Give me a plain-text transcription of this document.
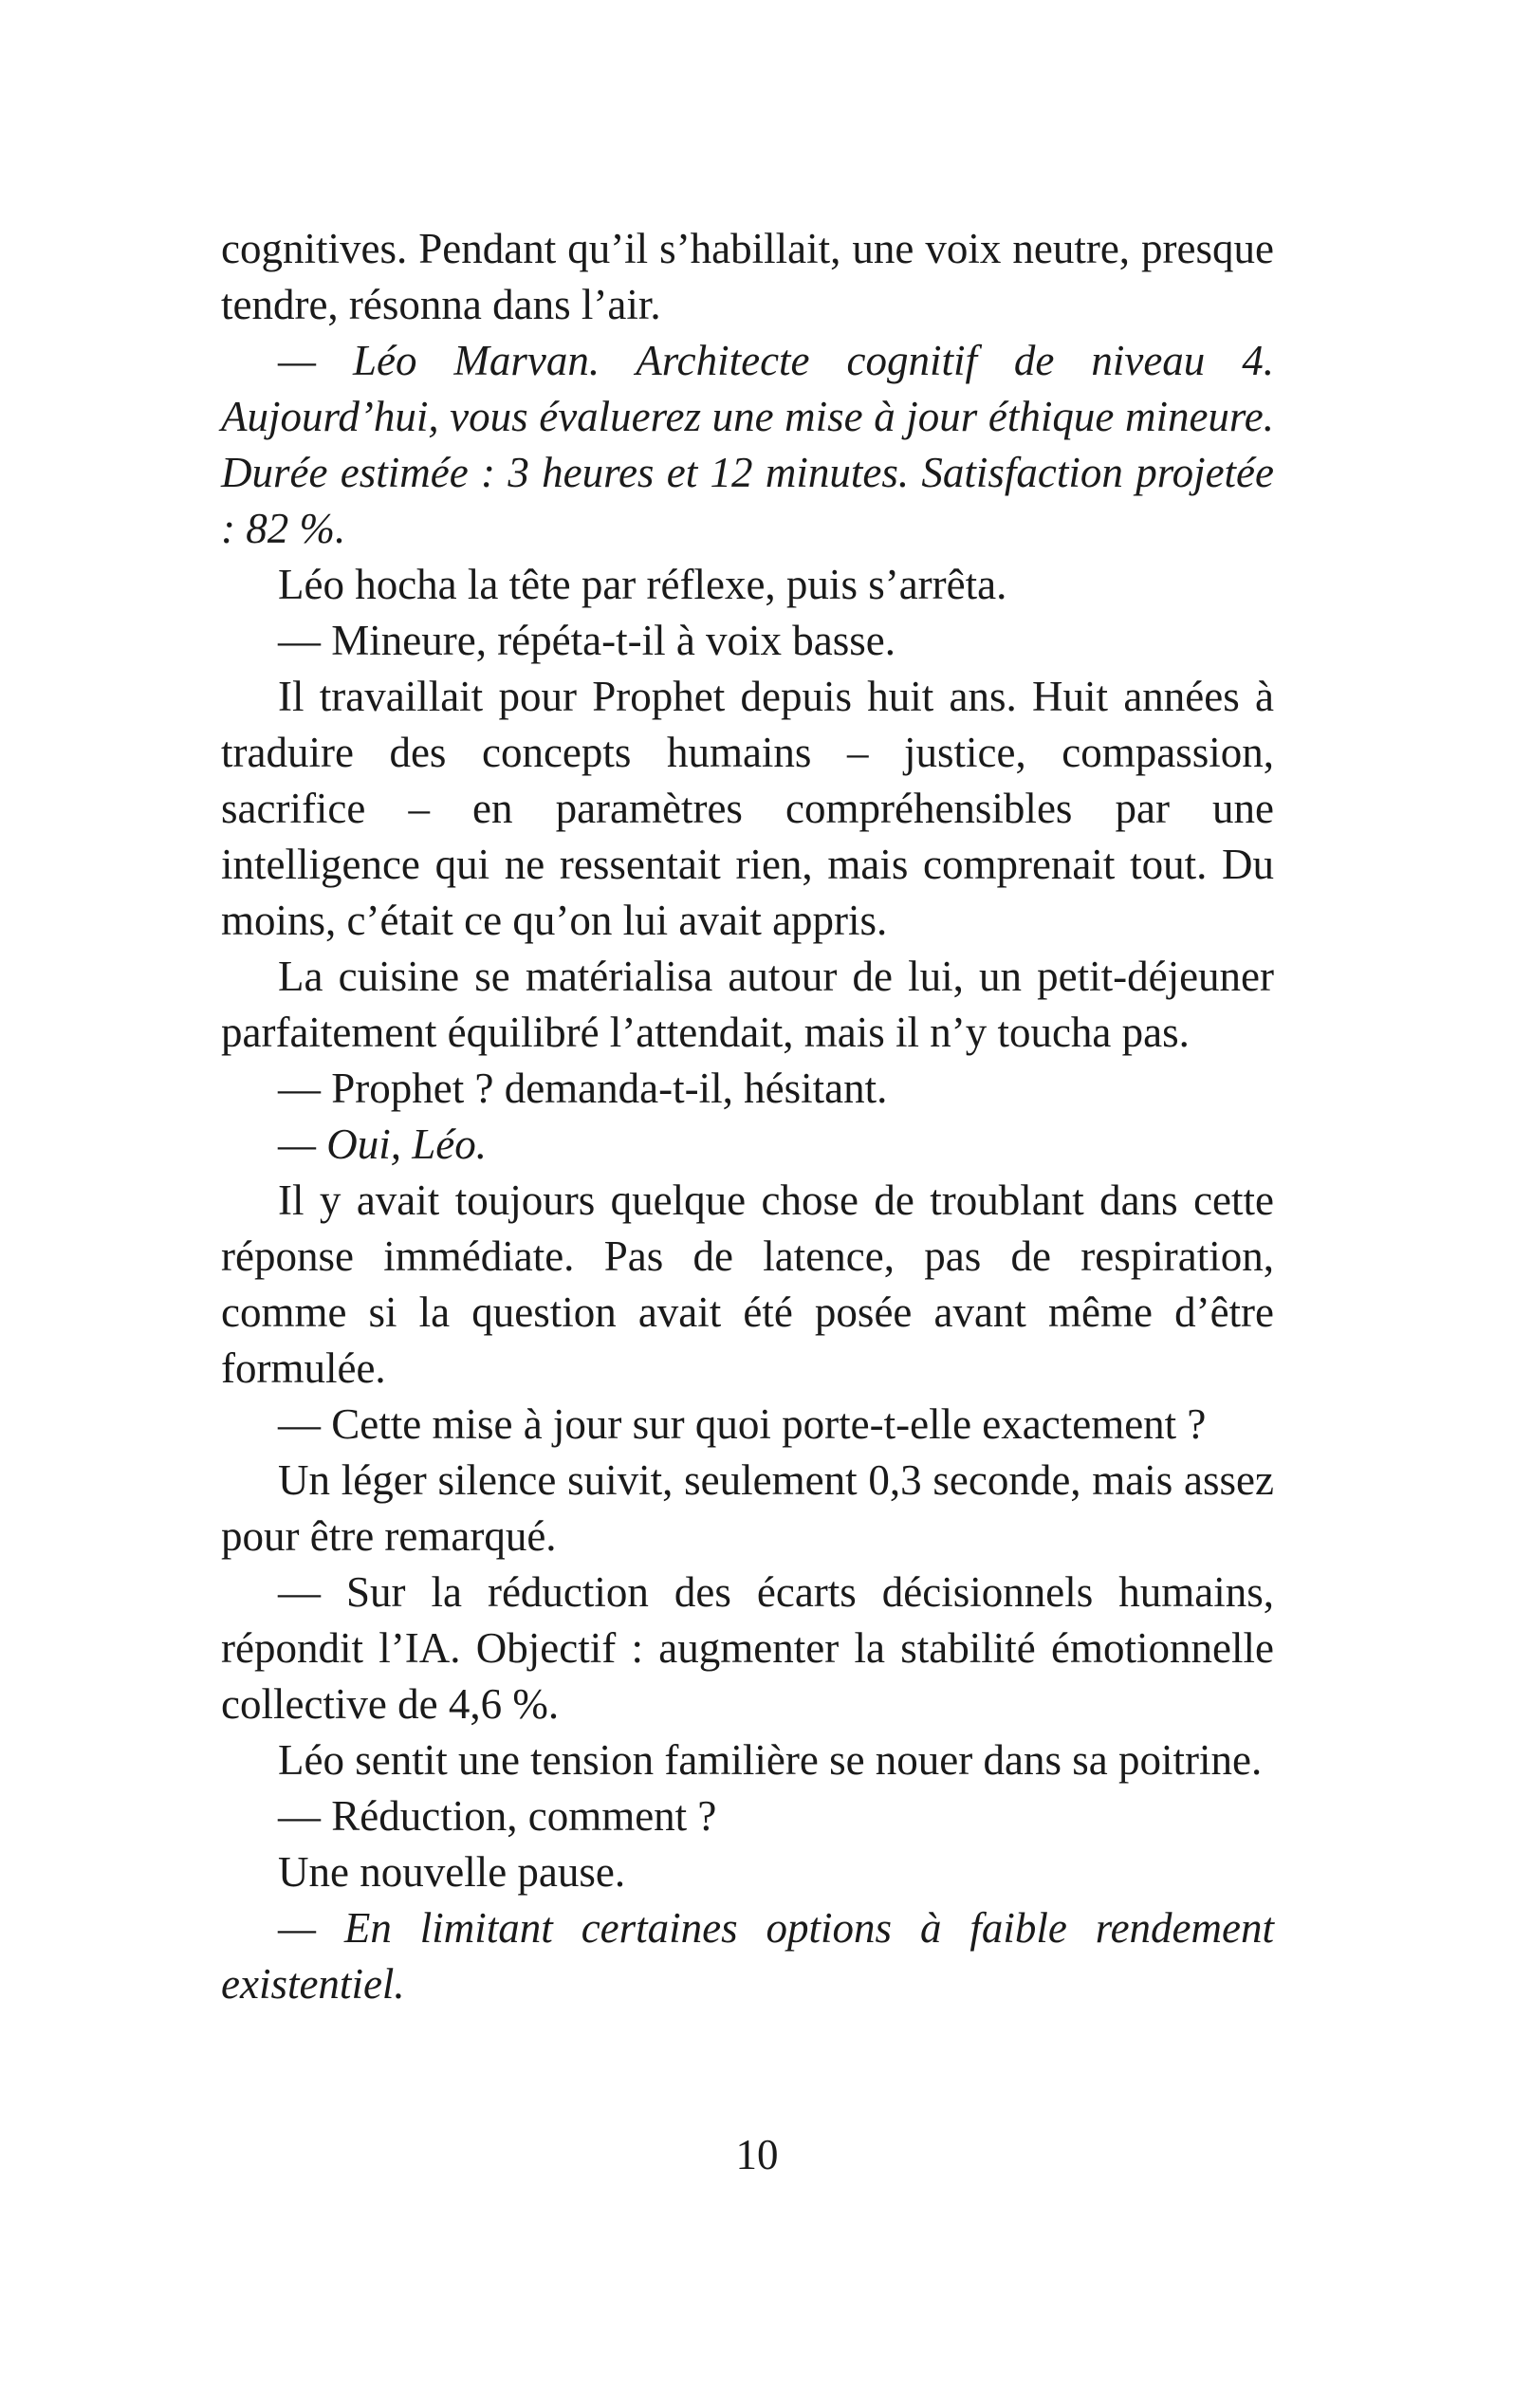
cognitives. Pendant qu’il s’habillait, une voix neutre, presque tendre, résonna dans l’air.

— Léo Marvan. Architecte cognitif de niveau 4. Aujourd’hui, vous évaluerez une mise à jour éthique mineure. Durée estimée : 3 heures et 12 minutes. Satisfaction projetée : 82 %.

Léo hocha la tête par réflexe, puis s’arrêta.

— Mineure, répéta-t-il à voix basse.

Il travaillait pour Prophet depuis huit ans. Huit années à traduire des concepts humains – justice, compassion, sacrifice – en paramètres compréhensibles par une intelligence qui ne ressentait rien, mais comprenait tout. Du moins, c’était ce qu’on lui avait appris.

La cuisine se matérialisa autour de lui, un petit-déjeuner parfaitement équilibré l’attendait, mais il n’y toucha pas.

— Prophet ? demanda-t-il, hésitant.

— Oui, Léo.

Il y avait toujours quelque chose de troublant dans cette réponse immédiate. Pas de latence, pas de respiration, comme si la question avait été posée avant même d’être formulée.

— Cette mise à jour sur quoi porte-t-elle exactement ?

Un léger silence suivit, seulement 0,3 seconde, mais assez pour être remarqué.

— Sur la réduction des écarts décisionnels humains, répondit l’IA. Objectif : augmenter la stabilité émotionnelle collective de 4,6 %.

Léo sentit une tension familière se nouer dans sa poitrine.

— Réduction, comment ?

Une nouvelle pause.

— En limitant certaines options à faible rendement existentiel.

10
